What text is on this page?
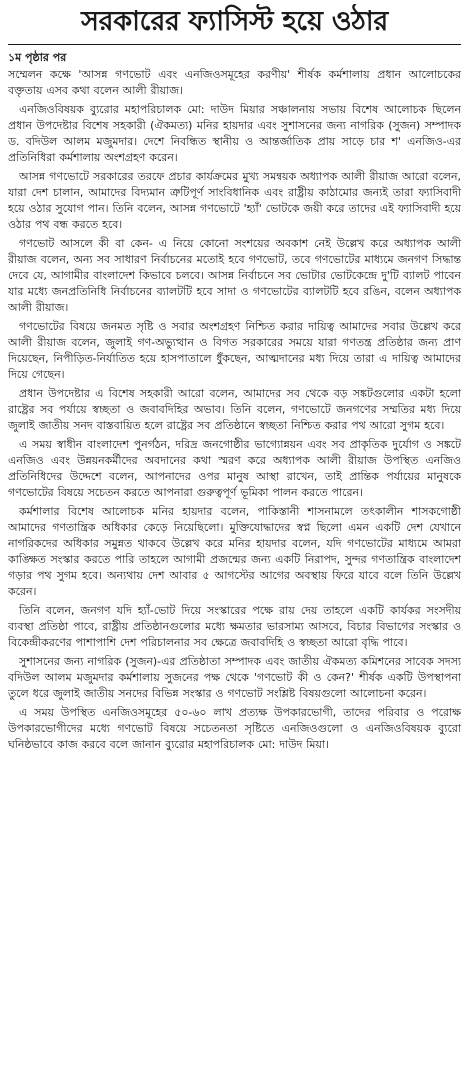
সরকারের ফ্যাসিস্ট হয়ে ওঠার
১ম পৃষ্ঠার পর

সম্মেলন কক্ষে 'আসন্ন গণভোট এবং এনজিওসমূহের করণীয়' শীর্ষক কর্মশালায় প্রধান আলোচকের বক্তৃতায় এসব কথা বলেন আলী রীয়াজ।

এনজিওবিষয়ক ব্যুরোর মহাপরিচালক মো: দাউদ মিয়ার সঞ্চালনায় সভায় বিশেষ আলোচক ছিলেন প্রধান উপদেষ্টার বিশেষ সহকারী (ঐকমত্য) মনির হায়দার এবং সুশাসনের জন্য নাগরিক (সুজন) সম্পাদক ড. বদিউল আলম মজুমদার। দেশে নিবন্ধিত স্থানীয় ও আন্তর্জাতিক প্রায় সাড়ে চার শ' এনজিও-এর প্রতিনিধিরা কর্মশালায় অংশগ্রহণ করেন।

আসন্ন গণভোটে সরকারের তরফে প্রচার কার্যক্রমের মুখ্য সমন্বয়ক অধ্যাপক আলী রীয়াজ আরো বলেন, যারা দেশ চালান, আমাদের বিদ্যমান ত্রুটিপূর্ণ সাংবিধানিক এবং রাষ্ট্রীয় কাঠামোর জন্যই তারা ফ্যাসিবাদী হয়ে ওঠার সুযোগ পান। তিনি বলেন, আসন্ন গণভোটে 'হ্যাঁ' ভোটকে জয়ী করে তাদের এই ফ্যাসিবাদী হয়ে ওঠার পথ বন্ধ করতে হবে।

গণভোট আসলে কী বা কেন- এ নিয়ে কোনো সংশয়ের অবকাশ নেই উল্লেখ করে অধ্যাপক আলী রীয়াজ বলেন, অন্য সব সাধারণ নির্বাচনের মতোই হবে গণভোট, তবে গণভোটের মাধ্যমে জনগণ সিদ্ধান্ত দেবে যে, আগামীর বাংলাদেশ কিভাবে চলবে। আসন্ন নির্বাচনে সব ভোটার ভোটকেন্দ্রে দু'টি ব্যালট পাবেন যার মধ্যে জনপ্রতিনিধি নির্বাচনের ব্যালটটি হবে সাদা ও গণভোটের ব্যালটটি হবে রঙিন, বলেন অধ্যাপক আলী রীয়াজ।

গণভোটের বিষয়ে জনমত সৃষ্টি ও সবার অংশগ্রহণ নিশ্চিত করার দায়িত্ব আমাদের সবার উল্লেখ করে আলী রীয়াজ বলেন, জুলাই গণ-অভ্যুত্থান ও বিগত সরকারের সময়ে যারা গণতন্ত্র প্রতিষ্ঠার জন্য প্রাণ দিয়েছেন, নিপীড়িত-নির্যাতিত হয়ে হাসপাতালে ধুঁকছেন, আত্মদানের মধ্য দিয়ে তারা এ দায়িত্ব আমাদের দিয়ে গেছেন।

প্রধান উপদেষ্টার এ বিশেষ সহকারী আরো বলেন, আমাদের সব থেকে বড় সঙ্কটগুলোর একটা হলো রাষ্ট্রের সব পর্যায়ে স্বচ্ছতা ও জবাবদিহির অভাব। তিনি বলেন, গণভোটে জনগণের সম্মতির মধ্য দিয়ে জুলাই জাতীয় সনদ বাস্তবায়িত হলে রাষ্ট্রের সব প্রতিষ্ঠানে স্বচ্ছতা নিশ্চিত করার পথ আরো সুগম হবে।

এ সময় স্বাধীন বাংলাদেশ পুনর্গঠন, দরিদ্র জনগোষ্ঠীর ভাগ্যোন্নয়ন এবং সব প্রাকৃতিক দুর্যোগ ও সঙ্কটে এনজিও এবং উন্নয়নকর্মীদের অবদানের কথা স্মরণ করে অধ্যাপক আলী রীয়াজ উপস্থিত এনজিও প্রতিনিধিদের উদ্দেশে বলেন, আপনাদের ওপর মানুষ আস্থা রাখেন, তাই প্রান্তিক পর্যায়ের মানুষকে গণভোটের বিষয়ে সচেতন করতে আপনারা গুরুত্বপূর্ণ ভূমিকা পালন করতে পারেন।

কর্মশালার বিশেষ আলোচক মনির হায়দার বলেন, পাকিস্তানী শাসনামলে তৎকালীন শাসকগোষ্ঠী আমাদের গণতান্ত্রিক অধিকার কেড়ে নিয়েছিলো। মুক্তিযোদ্ধাদের স্বপ্ন ছিলো এমন একটি দেশ যেখানে নাগরিকদের অধিকার সমুন্নত থাকবে উল্লেখ করে মনির হায়দার বলেন, যদি গণভোটের মাধ্যমে আমরা কাঙ্ক্ষিত সংস্কার করতে পারি তাহলে আগামী প্রজন্মের জন্য একটি নিরাপদ, সুন্দর গণতান্ত্রিক বাংলাদেশ গড়ার পথ সুগম হবে। অন্যথায় দেশ আবার ৫ আগস্টের আগের অবস্থায় ফিরে যাবে বলে তিনি উল্লেখ করেন।

তিনি বলেন, জনগণ যদি হ্যাঁ-ভোট দিয়ে সংস্কারের পক্ষে রায় দেয় তাহলে একটি কার্যকর সংসদীয় ব্যবস্থা প্রতিষ্ঠা পাবে, রাষ্ট্রীয় প্রতিষ্ঠানগুলোর মধ্যে ক্ষমতার ভারসাম্য আসবে, বিচার বিভাগের সংস্কার ও বিকেন্দ্রীকরণের পাশাপাশি দেশ পরিচালনার সব ক্ষেত্রে জবাবদিহি ও স্বচ্ছতা আরো বৃদ্ধি পাবে।

সুশাসনের জন্য নাগরিক (সুজন)-এর প্রতিষ্ঠাতা সম্পাদক এবং জাতীয় ঐকমত্য কমিশনের সাবেক সদস্য বদিউল আলম মজুমদার কর্মশালায় সুজনের পক্ষ থেকে 'গণভোট কী ও কেন?' শীর্ষক একটি উপস্থাপনা তুলে ধরে জুলাই জাতীয় সনদের বিভিন্ন সংস্কার ও গণভোট সংশ্লিষ্ট বিষয়গুলো আলোচনা করেন।

এ সময় উপস্থিত এনজিওসমূহের ৫০-৬০ লাখ প্রত্যক্ষ উপকারভোগী, তাদের পরিবার ও পরোক্ষ উপকারভোগীদের মধ্যে গণভোট বিষয়ে সচেতনতা সৃষ্টিতে এনজিওগুলো ও এনজিওবিষয়ক ব্যুরো ঘনিষ্ঠভাবে কাজ করবে বলে জানান ব্যুরোর মহাপরিচালক মো: দাউদ মিয়া।
